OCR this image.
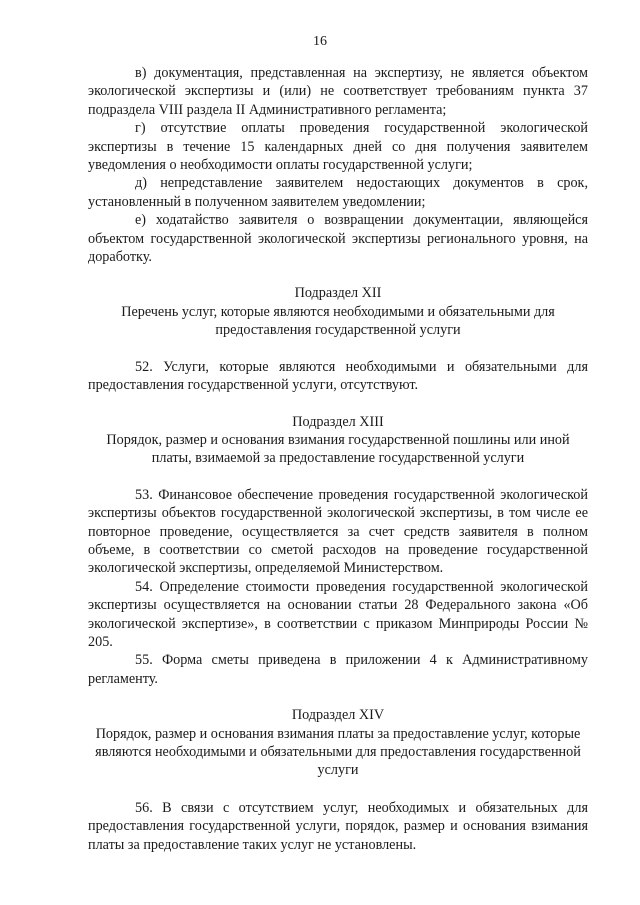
16

в) документация, представленная на экспертизу, не является объектом экологической экспертизы и (или) не соответствует требованиям пункта 37 подраздела VIII раздела II Административного регламента;

г) отсутствие оплаты проведения государственной экологической экспертизы в течение 15 календарных дней со дня получения заявителем уведомления о необходимости оплаты государственной услуги;

д) непредставление заявителем недостающих документов в срок, установленный в полученном заявителем уведомлении;

е) ходатайство заявителя о возвращении документации, являющейся объектом государственной экологической экспертизы регионального уровня, на доработку.

Подраздел XII

Перечень услуг, которые являются необходимыми и обязательными для предоставления государственной услуги

52. Услуги, которые являются необходимыми и обязательными для предоставления государственной услуги, отсутствуют.

Подраздел XIII

Порядок, размер и основания взимания государственной пошлины или иной платы, взимаемой за предоставление государственной услуги

53. Финансовое обеспечение проведения государственной экологической экспертизы объектов государственной экологической экспертизы, в том числе ее повторное проведение, осуществляется за счет средств заявителя в полном объеме, в соответствии со сметой расходов на проведение государственной экологической экспертизы, определяемой Министерством.

54. Определение стоимости проведения государственной экологической экспертизы осуществляется на основании статьи 28 Федерального закона «Об экологической экспертизе», в соответствии с приказом Минприроды России № 205.

55. Форма сметы приведена в приложении 4 к Административному регламенту.

Подраздел XIV

Порядок, размер и основания взимания платы за предоставление услуг, которые являются необходимыми и обязательными для предоставления государственной услуги

56. В связи с отсутствием услуг, необходимых и обязательных для предоставления государственной услуги, порядок, размер и основания взимания платы за предоставление таких услуг не установлены.
